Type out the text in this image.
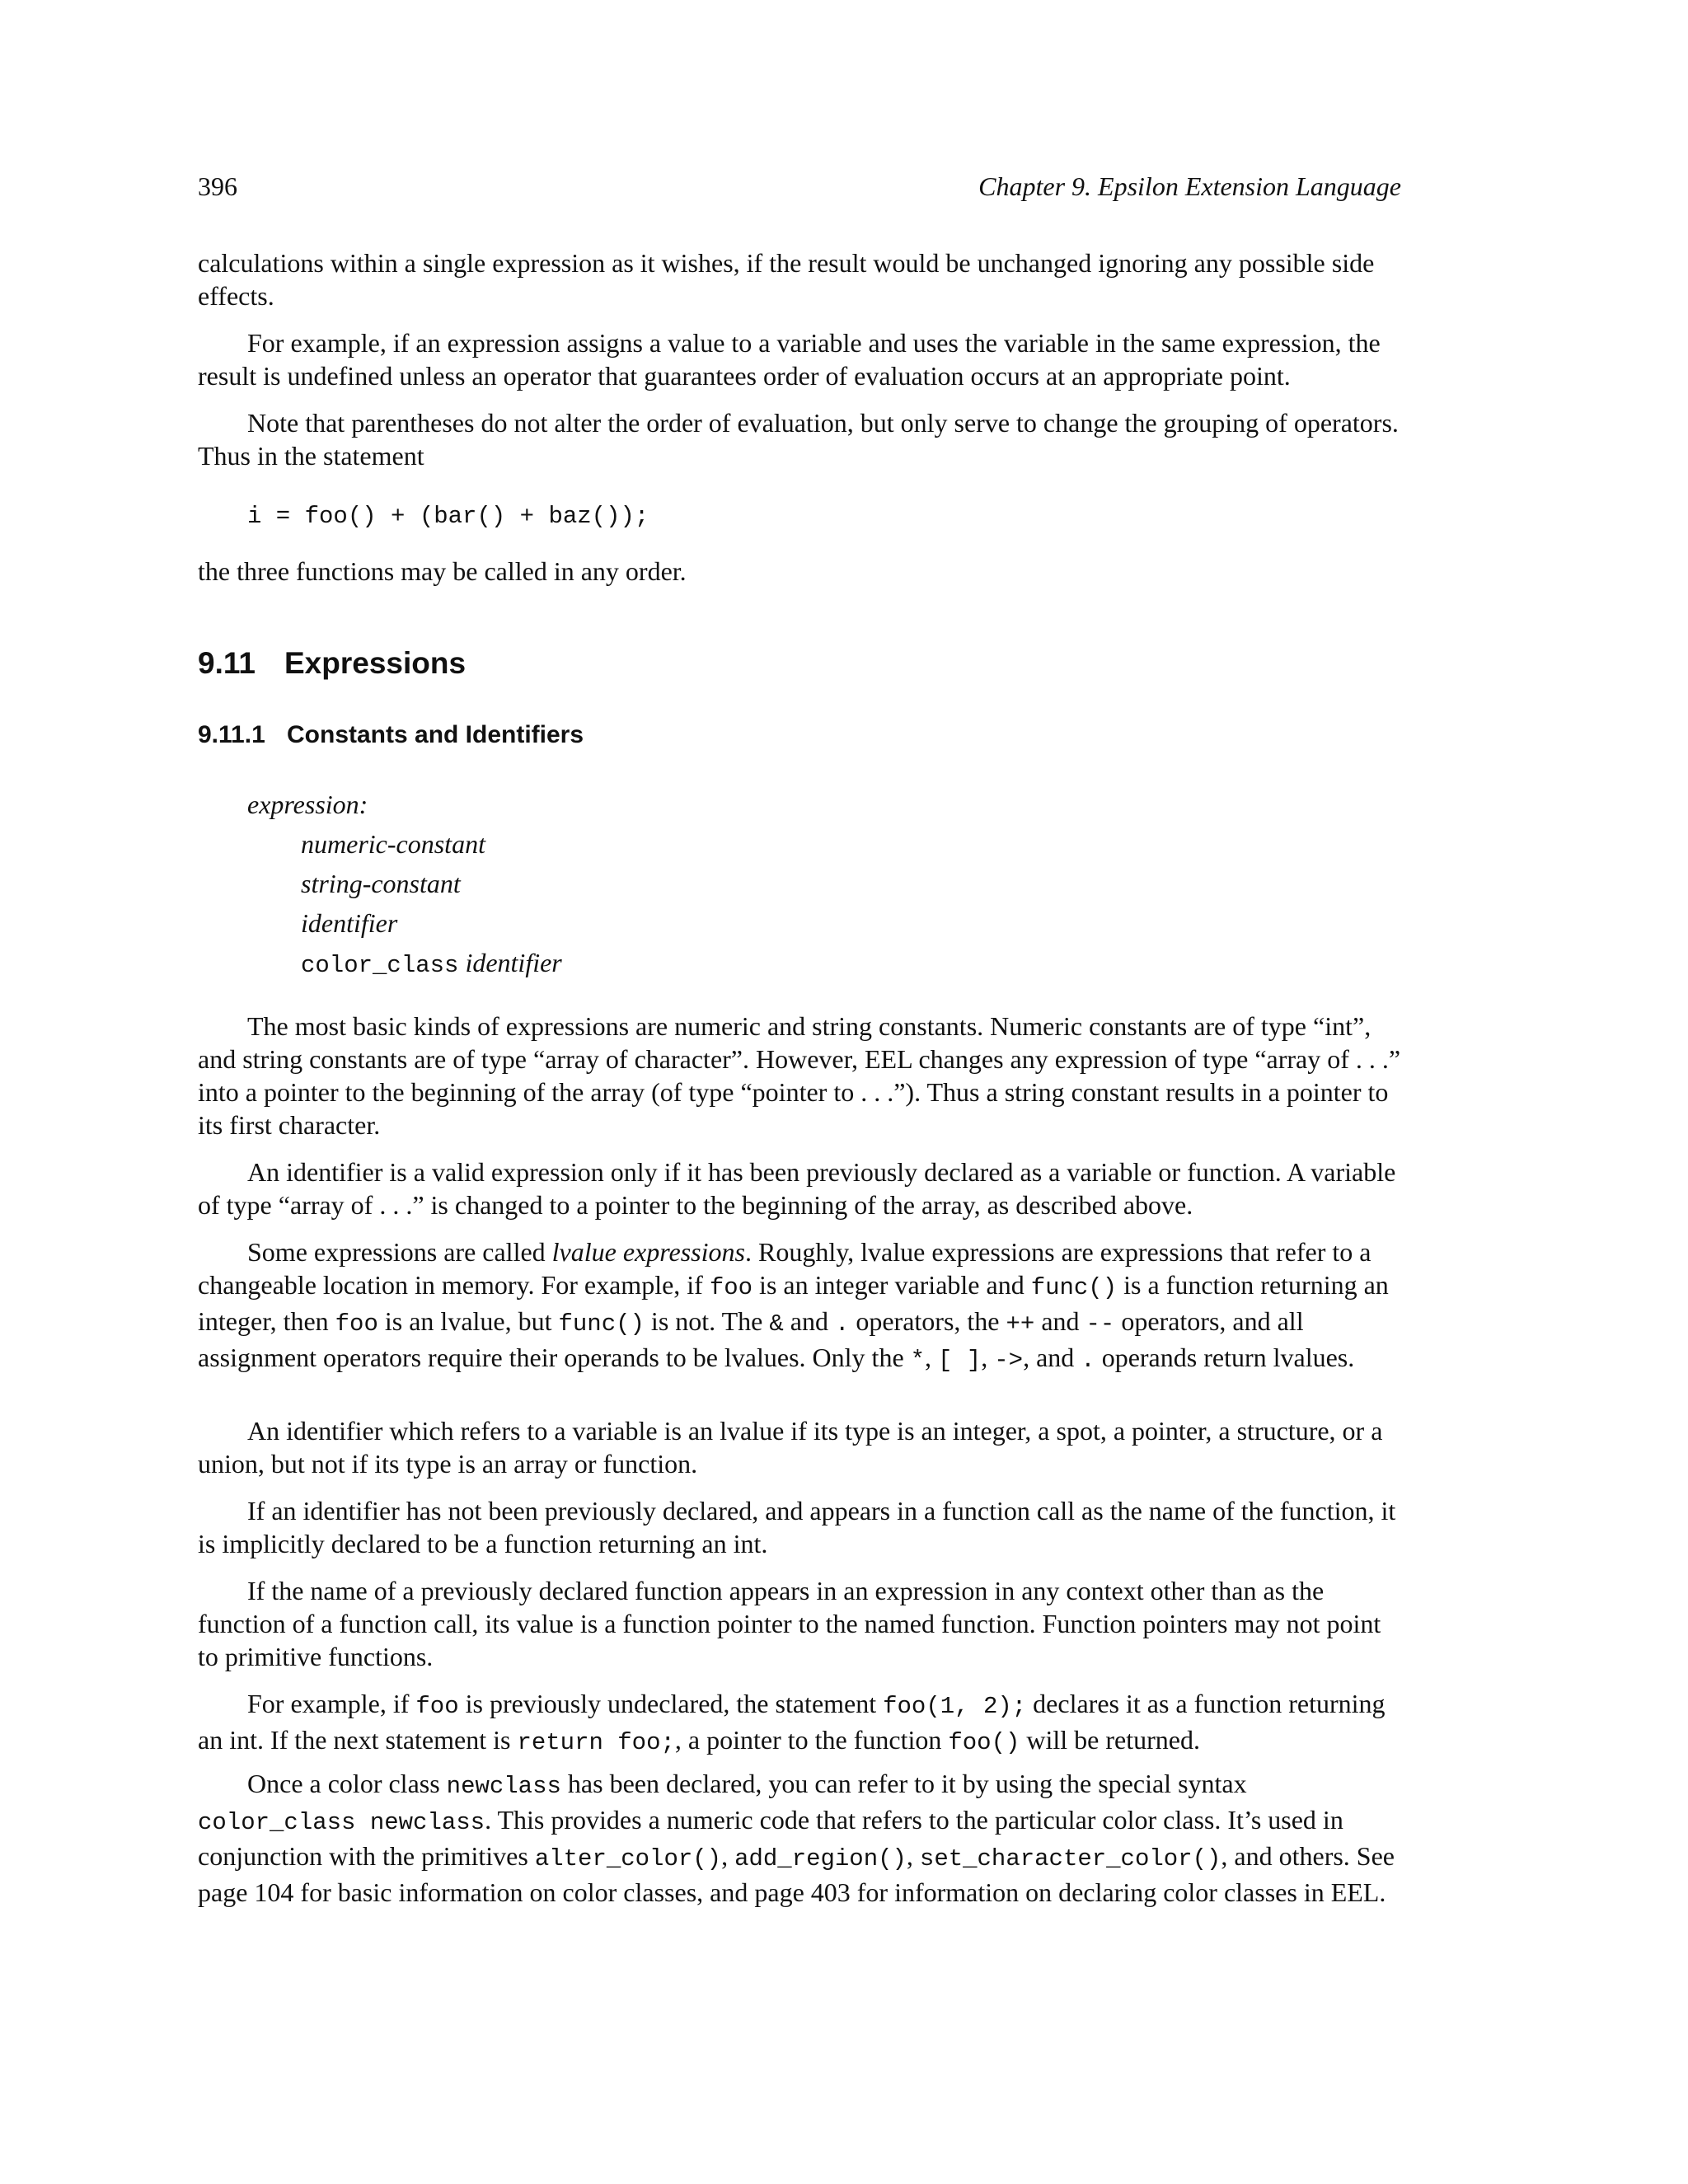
396	Chapter 9. Epsilon Extension Language

calculations within a single expression as it wishes, if the result would be unchanged ignoring any possible side effects.

For example, if an expression assigns a value to a variable and uses the variable in the same expression, the result is undefined unless an operator that guarantees order of evaluation occurs at an appropriate point.

Note that parentheses do not alter the order of evaluation, but only serve to change the grouping of operators. Thus in the statement

i = foo() + (bar() + baz());

the three functions may be called in any order.

9.11 Expressions
9.11.1 Constants and Identifiers
expression:
numeric-constant
string-constant
identifier
color_class identifier

The most basic kinds of expressions are numeric and string constants. Numeric constants are of type “int”, and string constants are of type “array of character”. However, EEL changes any expression of type “array of . . .” into a pointer to the beginning of the array (of type “pointer to . . .”). Thus a string constant results in a pointer to its first character.

An identifier is a valid expression only if it has been previously declared as a variable or function. A variable of type “array of . . .” is changed to a pointer to the beginning of the array, as described above.

Some expressions are called lvalue expressions. Roughly, lvalue expressions are expressions that refer to a changeable location in memory. For example, if foo is an integer variable and func() is a function returning an integer, then foo is an lvalue, but func() is not. The & and . operators, the ++ and -- operators, and all assignment operators require their operands to be lvalues. Only the *, [ ], ->, and . operands return lvalues.

An identifier which refers to a variable is an lvalue if its type is an integer, a spot, a pointer, a structure, or a union, but not if its type is an array or function.

If an identifier has not been previously declared, and appears in a function call as the name of the function, it is implicitly declared to be a function returning an int.

If the name of a previously declared function appears in an expression in any context other than as the function of a function call, its value is a function pointer to the named function. Function pointers may not point to primitive functions.

For example, if foo is previously undeclared, the statement foo(1, 2); declares it as a function returning an int. If the next statement is return foo;, a pointer to the function foo() will be returned.

Once a color class newclass has been declared, you can refer to it by using the special syntax color_class newclass. This provides a numeric code that refers to the particular color class. It’s used in conjunction with the primitives alter_color(), add_region(), set_character_color(), and others. See page 104 for basic information on color classes, and page 403 for information on declaring color classes in EEL.
